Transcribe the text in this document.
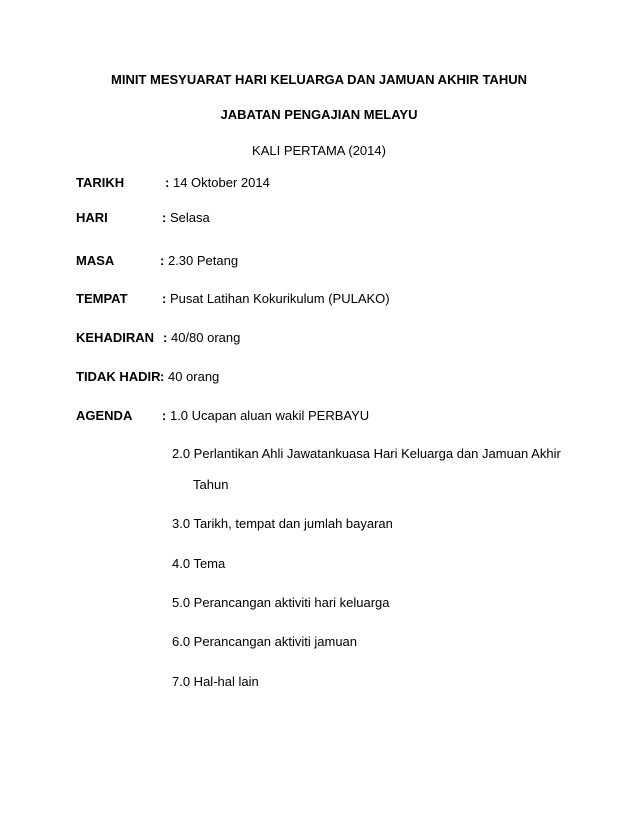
MINIT MESYUARAT HARI KELUARGA DAN JAMUAN AKHIR TAHUN
JABATAN PENGAJIAN MELAYU
KALI PERTAMA (2014)
TARIKH	: 14 Oktober 2014
HARI	: Selasa
MASA	: 2.30 Petang
TEMPAT	: Pusat Latihan Kokurikulum (PULAKO)
KEHADIRAN : 40/80 orang
TIDAK HADIR : 40 orang
AGENDA : 1.0 Ucapan aluan wakil PERBAYU
2.0 Perlantikan Ahli Jawatankuasa Hari Keluarga dan Jamuan Akhir
Tahun
3.0 Tarikh, tempat dan jumlah bayaran
4.0 Tema
5.0 Perancangan aktiviti hari keluarga
6.0 Perancangan aktiviti jamuan
7.0 Hal-hal lain
